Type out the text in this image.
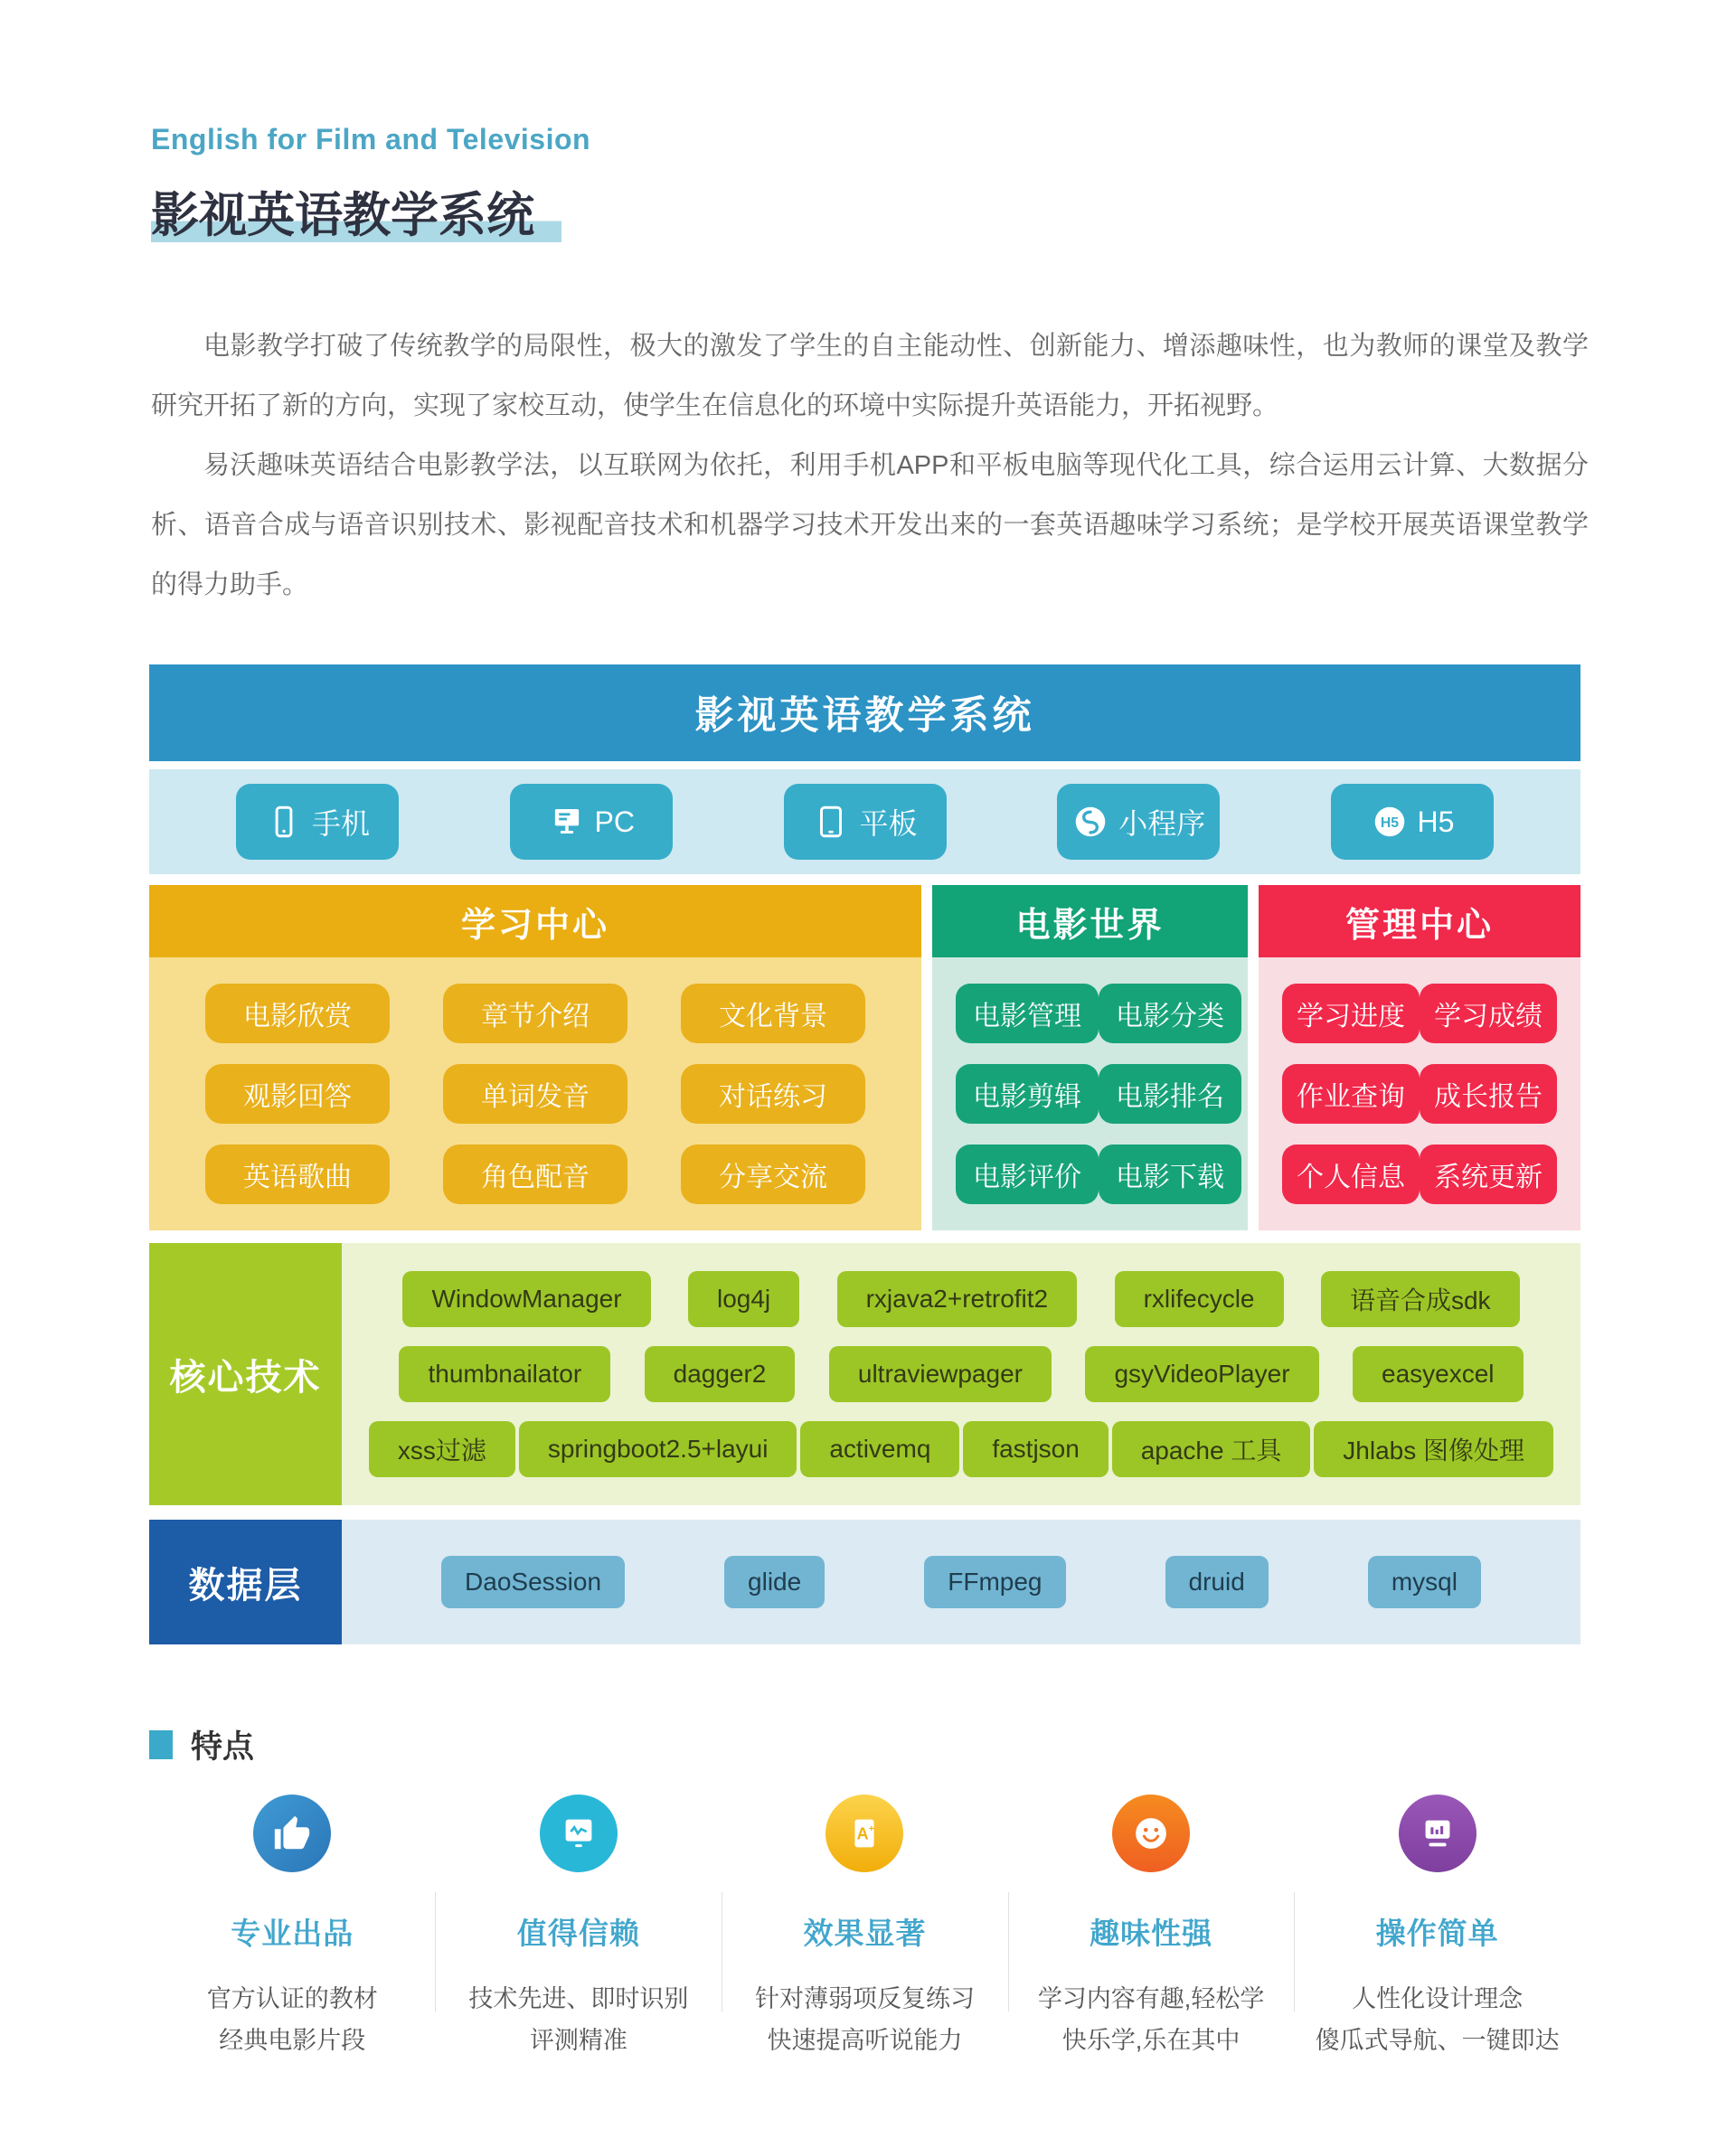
English for Film and Television
影视英语教学系统

电影教学打破了传统教学的局限性，极大的激发了学生的自主能动性、创新能力、增添趣味性，也为教师的课堂及教学研究开拓了新的方向，实现了家校互动，使学生在信息化的环境中实际提升英语能力，开拓视野。

易沃趣味英语结合电影教学法，以互联网为依托，利用手机APP和平板电脑等现代化工具，综合运用云计算、大数据分析、语音合成与语音识别技术、影视配音技术和机器学习技术开发出来的一套英语趣味学习系统；是学校开展英语课堂教学的得力助手。

影视英语教学系统
手机	PC	平板	小程序	H5 H5
学习中心
电影欣赏	章节介绍	文化背景
观影回答	单词发音	对话练习
英语歌曲	角色配音	分享交流
电影世界
电影管理	电影分类
电影剪辑	电影排名
电影评价	电影下载
管理中心
学习进度	学习成绩
作业查询	成长报告
个人信息	系统更新
核心技术
WindowManager	log4j	rxjava2+retrofit2	rxlifecycle	语音合成sdk
thumbnailator	dagger2	ultraviewpager	gsyVideoPlayer	easyexcel
xss过滤	springboot2.5+layui	activemq	fastjson	apache 工具	Jhlabs 图像处理
数据层	DaoSession	glide	FFmpeg	druid	mysql
特点
专业出品
官方认证的教材
经典电影片段
值得信赖
技术先进、即时识别
评测精准
A +
效果显著
针对薄弱项反复练习
快速提高听说能力
趣味性强
学习内容有趣,轻松学
快乐学,乐在其中
操作简单
人性化设计理念
傻瓜式导航、一键即达
